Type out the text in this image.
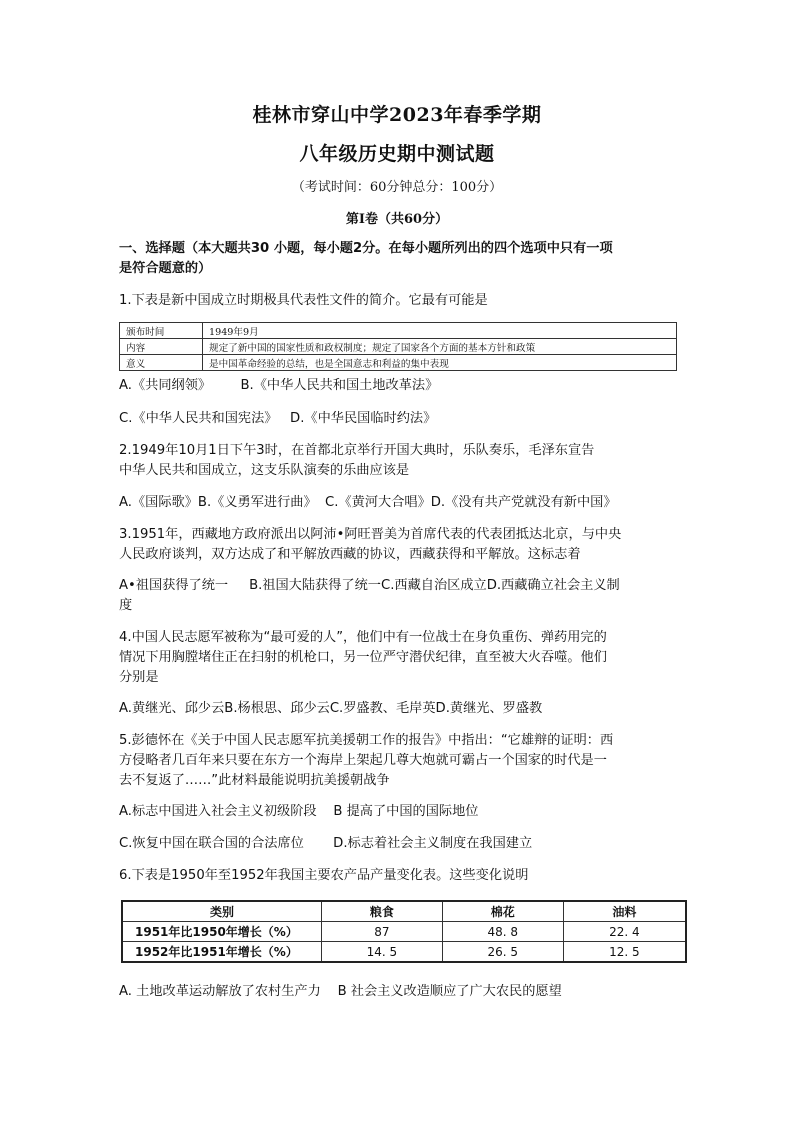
桂林市穿山中学2023年春季学期
八年级历史期中测试题
（考试时间：60分钟总分：100分）
第Ⅰ卷（共60分）
一、选择题（本大题共30 小题，每小题2分。在每小题所列出的四个选项中只有一项
是符合题意的）
1.下表是新中国成立时期极具代表性文件的简介。它最有可能是
颁布时间	1949年9月
内容	规定了新中国的国家性质和政权制度；规定了国家各个方面的基本方针和政策
意义	是中国革命经验的总结，也是全国意志和利益的集中表现
A.《共同纲领》       B.《中华人民共和国土地改革法》
C.《中华人民共和国宪法》   D.《中华民国临时约法》
2.1949年10月1日下午3时，在首都北京举行开国大典时，乐队奏乐，毛泽东宣告
中华人民共和国成立，这支乐队演奏的乐曲应该是
A.《国际歌》B.《义勇军进行曲》  C.《黄河大合唱》D.《没有共产党就没有新中国》
3.1951年，西藏地方政府派出以阿沛•阿旺晋美为首席代表的代表团抵达北京，与中央
人民政府谈判，双方达成了和平解放西藏的协议，西藏获得和平解放。这标志着
A•祖国获得了统一     B.祖国大陆获得了统一C.西藏自治区成立D.西藏确立社会主义制
度
4.中国人民志愿军被称为“最可爱的人”，他们中有一位战士在身负重伤、弹药用完的
情况下用胸膛堵住正在扫射的机枪口，另一位严守潜伏纪律，直至被大火吞噬。他们
分别是
A.黄继光、邱少云B.杨根思、邱少云C.罗盛教、毛岸英D.黄继光、罗盛教
5.彭德怀在《关于中国人民志愿军抗美援朝工作的报告》中指出：“它雄辩的证明：西
方侵略者几百年来只要在东方一个海岸上架起几尊大炮就可霸占一个国家的时代是一
去不复返了……”此材料最能说明抗美援朝战争
A.标志中国进入社会主义初级阶段    B 提高了中国的国际地位
C.恢复中国在联合国的合法席位       D.标志着社会主义制度在我国建立
6.下表是1950年至1952年我国主要农产品产量变化表。这些变化说明
类别	粮食	棉花	油料
1951年比1950年增长（%）	87	48. 8	22. 4
1952年比1951年增长（%）	14. 5	26. 5	12. 5
A. 土地改革运动解放了农村生产力    B 社会主义改造顺应了广大农民的愿望
